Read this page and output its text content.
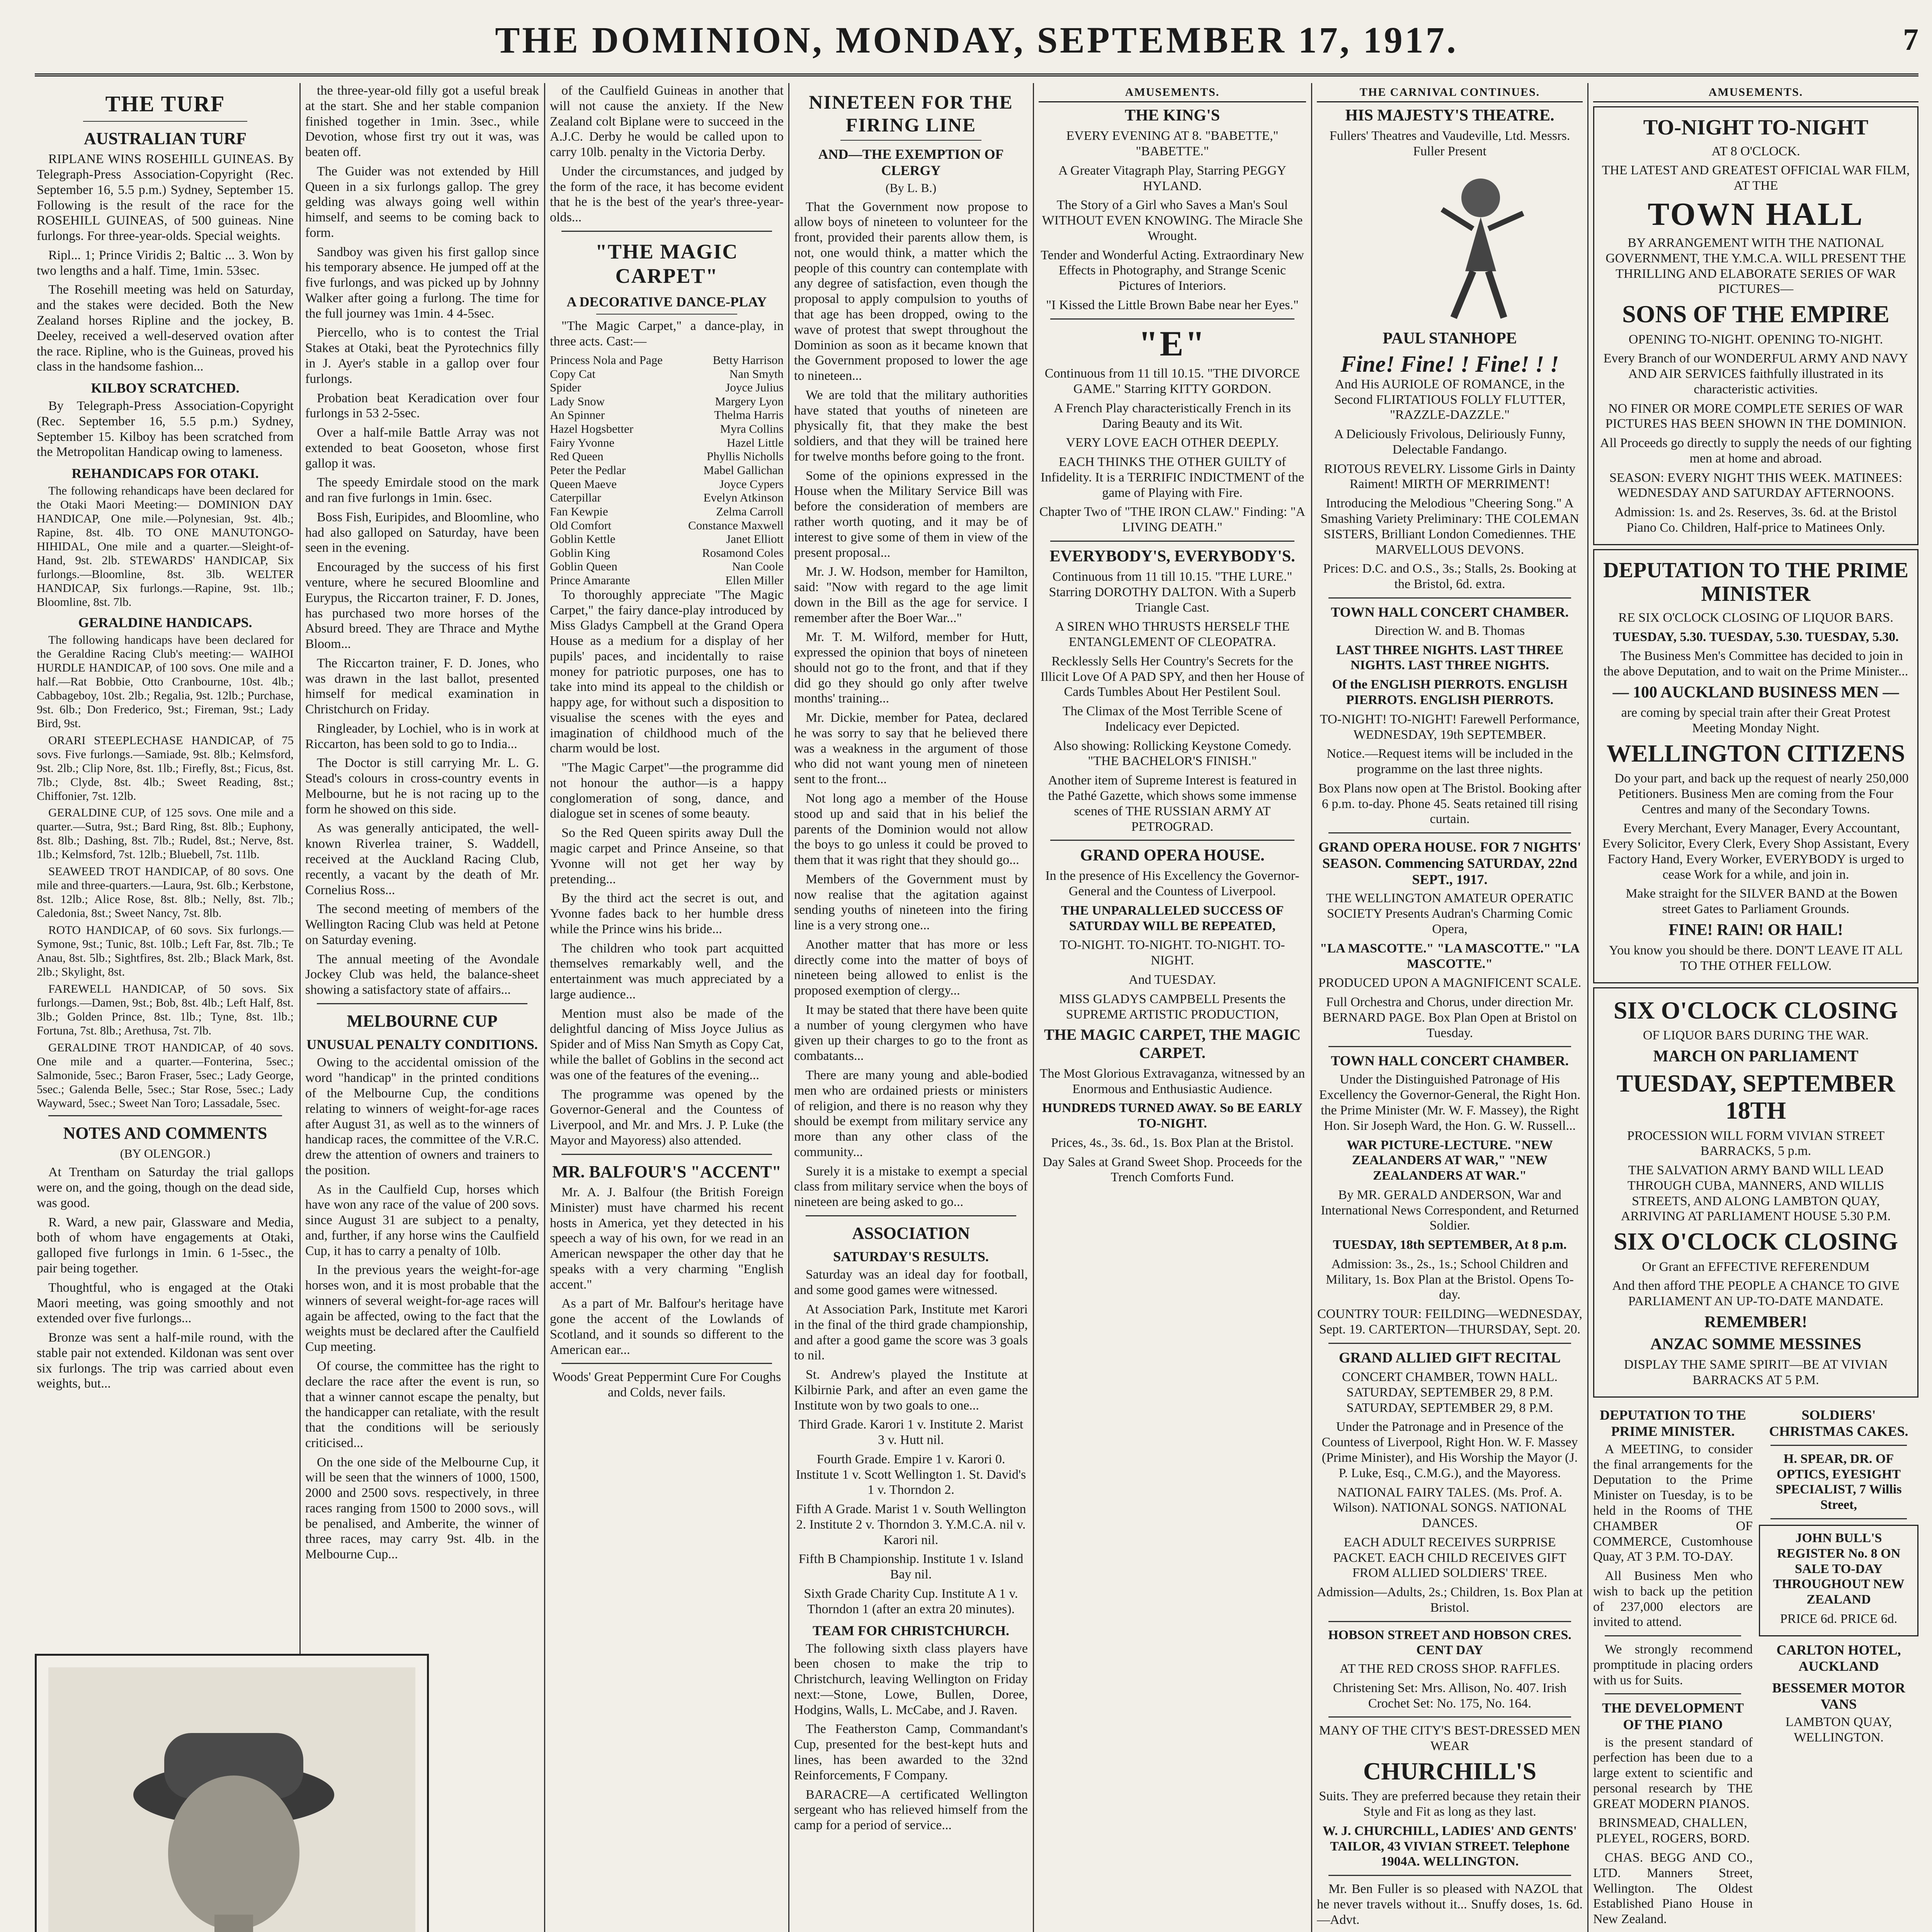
THE DOMINION, MONDAY, SEPTEMBER 17, 1917.	7
THE TURF
AUSTRALIAN TURF

RIPLANE WINS ROSEHILL GUINEAS. By Telegraph-Press Association-Copyright (Rec. September 16, 5.5 p.m.) Sydney, September 15. Following is the result of the race for the ROSEHILL GUINEAS, of 500 guineas. Nine furlongs. For three-year-olds. Special weights.

Ripl... 1; Prince Viridis 2; Baltic ... 3. Won by two lengths and a half. Time, 1min. 53sec.

The Rosehill meeting was held on Saturday, and the stakes were decided. Both the New Zealand horses Ripline and the jockey, B. Deeley, received a well-deserved ovation after the race. Ripline, who is the Guineas, proved his class in the handsome fashion...

KILBOY SCRATCHED.

By Telegraph-Press Association-Copyright (Rec. September 16, 5.5 p.m.) Sydney, September 15. Kilboy has been scratched from the Metropolitan Handicap owing to lameness.

REHANDICAPS FOR OTAKI.

The following rehandicaps have been declared for the Otaki Maori Meeting:— DOMINION DAY HANDICAP, One mile.—Polynesian, 9st. 4lb.; Rapine, 8st. 4lb. TO ONE MANUTONGO-HIHIDAL, One mile and a quarter.—Sleight-of-Hand, 9st. 2lb. STEWARDS' HANDICAP, Six furlongs.—Bloomline, 8st. 3lb. WELTER HANDICAP, Six furlongs.—Rapine, 9st. 1lb.; Bloomline, 8st. 7lb.

GERALDINE HANDICAPS.

The following handicaps have been declared for the Geraldine Racing Club's meeting:— WAIHOI HURDLE HANDICAP, of 100 sovs. One mile and a half.—Rat Bobbie, Otto Cranbourne, 10st. 4lb.; Cabbageboy, 10st. 2lb.; Regalia, 9st. 12lb.; Purchase, 9st. 6lb.; Don Frederico, 9st.; Fireman, 9st.; Lady Bird, 9st.

ORARI STEEPLECHASE HANDICAP, of 75 sovs. Five furlongs.—Samiade, 9st. 8lb.; Kelmsford, 9st. 2lb.; Clip Nore, 8st. 1lb.; Firefly, 8st.; Ficus, 8st. 7lb.; Clyde, 8st. 4lb.; Sweet Reading, 8st.; Chiffonier, 7st. 12lb.

GERALDINE CUP, of 125 sovs. One mile and a quarter.—Sutra, 9st.; Bard Ring, 8st. 8lb.; Euphony, 8st. 8lb.; Dashing, 8st. 7lb.; Rudel, 8st.; Nerve, 8st. 1lb.; Kelmsford, 7st. 12lb.; Bluebell, 7st. 11lb.

SEAWEED TROT HANDICAP, of 80 sovs. One mile and three-quarters.—Laura, 9st. 6lb.; Kerbstone, 8st. 12lb.; Alice Rose, 8st. 8lb.; Nelly, 8st. 7lb.; Caledonia, 8st.; Sweet Nancy, 7st. 8lb.

ROTO HANDICAP, of 60 sovs. Six furlongs.—Symone, 9st.; Tunic, 8st. 10lb.; Left Far, 8st. 7lb.; Te Anau, 8st. 5lb.; Sightfires, 8st. 2lb.; Black Mark, 8st. 2lb.; Skylight, 8st.

FAREWELL HANDICAP, of 50 sovs. Six furlongs.—Damen, 9st.; Bob, 8st. 4lb.; Left Half, 8st. 3lb.; Golden Prince, 8st. 1lb.; Tyne, 8st. 1lb.; Fortuna, 7st. 8lb.; Arethusa, 7st. 7lb.

GERALDINE TROT HANDICAP, of 40 sovs. One mile and a quarter.—Fonterina, 5sec.; Salmonide, 5sec.; Baron Fraser, 5sec.; Lady George, 5sec.; Galenda Belle, 5sec.; Star Rose, 5sec.; Lady Wayward, 5sec.; Sweet Nan Toro; Lassadale, 5sec.

NOTES AND COMMENTS
(BY OLENGOR.)

At Trentham on Saturday the trial gallops were on, and the going, though on the dead side, was good.

R. Ward, a new pair, Glassware and Media, both of whom have engagements at Otaki, galloped five furlongs in 1min. 6 1-5sec., the pair being together.

Thoughtful, who is engaged at the Otaki Maori meeting, was going smoothly and not extended over five furlongs...

Bronze was sent a half-mile round, with the stable pair not extended. Kildonan was sent over six furlongs. The trip was carried about even weights, but...

the three-year-old filly got a useful break at the start. She and her stable companion finished together in 1min. 3sec., while Devotion, whose first try out it was, was beaten off.

The Guider was not extended by Hill Queen in a six furlongs gallop. The grey gelding was always going well within himself, and seems to be coming back to form.

Sandboy was given his first gallop since his temporary absence. He jumped off at the five furlongs, and was picked up by Johnny Walker after going a furlong. The time for the full journey was 1min. 4 4-5sec.

Piercello, who is to contest the Trial Stakes at Otaki, beat the Pyrotechnics filly in J. Ayer's stable in a gallop over four furlongs.

Probation beat Keradication over four furlongs in 53 2-5sec.

Over a half-mile Battle Array was not extended to beat Gooseton, whose first gallop it was.

The speedy Emirdale stood on the mark and ran five furlongs in 1min. 6sec.

Boss Fish, Euripides, and Bloomline, who had also galloped on Saturday, have been seen in the evening.

Encouraged by the success of his first venture, where he secured Bloomline and Eurypus, the Riccarton trainer, F. D. Jones, has purchased two more horses of the Absurd breed. They are Thrace and Mythe Bloom...

The Riccarton trainer, F. D. Jones, who was drawn in the last ballot, presented himself for medical examination in Christchurch on Friday.

Ringleader, by Lochiel, who is in work at Riccarton, has been sold to go to India...

The Doctor is still carrying Mr. L. G. Stead's colours in cross-country events in Melbourne, but he is not racing up to the form he showed on this side.

As was generally anticipated, the well-known Riverlea trainer, S. Waddell, received at the Auckland Racing Club, recently, a vacant by the death of Mr. Cornelius Ross...

The second meeting of members of the Wellington Racing Club was held at Petone on Saturday evening.

The annual meeting of the Avondale Jockey Club was held, the balance-sheet showing a satisfactory state of affairs...

MELBOURNE CUP
UNUSUAL PENALTY CONDITIONS.

Owing to the accidental omission of the word "handicap" in the printed conditions of the Melbourne Cup, the conditions relating to winners of weight-for-age races after August 31, as well as to the winners of handicap races, the committee of the V.R.C. drew the attention of owners and trainers to the position.

As in the Caulfield Cup, horses which have won any race of the value of 200 sovs. since August 31 are subject to a penalty, and, further, if any horse wins the Caulfield Cup, it has to carry a penalty of 10lb.

In the previous years the weight-for-age horses won, and it is most probable that the winners of several weight-for-age races will again be affected, owing to the fact that the weights must be declared after the Caulfield Cup meeting.

Of course, the committee has the right to declare the race after the event is run, so that a winner cannot escape the penalty, but the handicapper can retaliate, with the result that the conditions will be seriously criticised...

On the one side of the Melbourne Cup, it will be seen that the winners of 1000, 1500, 2000 and 2500 sovs. respectively, in three races ranging from 1500 to 2000 sovs., will be penalised, and Amberite, the winner of three races, may carry 9st. 4lb. in the Melbourne Cup...

of the Caulfield Guineas in another that will not cause the anxiety. If the New Zealand colt Biplane were to succeed in the A.J.C. Derby he would be called upon to carry 10lb. penalty in the Victoria Derby.

Under the circumstances, and judged by the form of the race, it has become evident that he is the best of the year's three-year-olds...

"THE MAGIC CARPET"
A DECORATIVE DANCE-PLAY

"The Magic Carpet," a dance-play, in three acts. Cast:—

Princess Nola and Page	Betty Harrison
Copy Cat	Nan Smyth
Spider	Joyce Julius
Lady Snow	Margery Lyon
An Spinner	Thelma Harris
Hazel Hogsbetter	Myra Collins
Fairy Yvonne	Hazel Little
Red Queen	Phyllis Nicholls
Peter the Pedlar	Mabel Gallichan
Queen Maeve	Joyce Cypers
Caterpillar	Evelyn Atkinson
Fan Kewpie	Zelma Carroll
Old Comfort	Constance Maxwell
Goblin Kettle	Janet Elliott
Goblin King	Rosamond Coles
Goblin Queen	Nan Coole
Prince Amarante	Ellen Miller

To thoroughly appreciate "The Magic Carpet," the fairy dance-play introduced by Miss Gladys Campbell at the Grand Opera House as a medium for a display of her pupils' paces, and incidentally to raise money for patriotic purposes, one has to take into mind its appeal to the childish or happy age, for without such a disposition to visualise the scenes with the eyes and imagination of childhood much of the charm would be lost.

"The Magic Carpet"—the programme did not honour the author—is a happy conglomeration of song, dance, and dialogue set in scenes of some beauty.

So the Red Queen spirits away Dull the magic carpet and Prince Anseine, so that Yvonne will not get her way by pretending...

By the third act the secret is out, and Yvonne fades back to her humble dress while the Prince wins his bride...

The children who took part acquitted themselves remarkably well, and the entertainment was much appreciated by a large audience...

Mention must also be made of the delightful dancing of Miss Joyce Julius as Spider and of Miss Nan Smyth as Copy Cat, while the ballet of Goblins in the second act was one of the features of the evening...

The programme was opened by the Governor-General and the Countess of Liverpool, and Mr. and Mrs. J. P. Luke (the Mayor and Mayoress) also attended.

MR. BALFOUR'S "ACCENT"

Mr. A. J. Balfour (the British Foreign Minister) must have charmed his recent hosts in America, yet they detected in his speech a way of his own, for we read in an American newspaper the other day that he speaks with a very charming "English accent."

As a part of Mr. Balfour's heritage have gone the accent of the Lowlands of Scotland, and it sounds so different to the American ear...

Woods' Great Peppermint Cure For Coughs and Colds, never fails.

NINETEEN FOR THE FIRING LINE
AND—THE EXEMPTION OF CLERGY
(By L. B.)

That the Government now propose to allow boys of nineteen to volunteer for the front, provided their parents allow them, is not, one would think, a matter which the people of this country can contemplate with any degree of satisfaction, even though the proposal to apply compulsion to youths of that age has been dropped, owing to the wave of protest that swept throughout the Dominion as soon as it became known that the Government proposed to lower the age to nineteen...

We are told that the military authorities have stated that youths of nineteen are physically fit, that they make the best soldiers, and that they will be trained here for twelve months before going to the front.

Some of the opinions expressed in the House when the Military Service Bill was before the consideration of members are rather worth quoting, and it may be of interest to give some of them in view of the present proposal...

Mr. J. W. Hodson, member for Hamilton, said: "Now with regard to the age limit down in the Bill as the age for service. I remember after the Boer War..."

Mr. T. M. Wilford, member for Hutt, expressed the opinion that boys of nineteen should not go to the front, and that if they did go they should go only after twelve months' training...

Mr. Dickie, member for Patea, declared he was sorry to say that he believed there was a weakness in the argument of those who did not want young men of nineteen sent to the front...

Not long ago a member of the House stood up and said that in his belief the parents of the Dominion would not allow the boys to go unless it could be proved to them that it was right that they should go...

Members of the Government must by now realise that the agitation against sending youths of nineteen into the firing line is a very strong one...

Another matter that has more or less directly come into the matter of boys of nineteen being allowed to enlist is the proposed exemption of clergy...

It may be stated that there have been quite a number of young clergymen who have given up their charges to go to the front as combatants...

There are many young and able-bodied men who are ordained priests or ministers of religion, and there is no reason why they should be exempt from military service any more than any other class of the community...

Surely it is a mistake to exempt a special class from military service when the boys of nineteen are being asked to go...

ASSOCIATION
SATURDAY'S RESULTS.

Saturday was an ideal day for football, and some good games were witnessed.

At Association Park, Institute met Karori in the final of the third grade championship, and after a good game the score was 3 goals to nil.

St. Andrew's played the Institute at Kilbirnie Park, and after an even game the Institute won by two goals to one...

Third Grade. Karori 1 v. Institute 2. Marist 3 v. Hutt nil.

Fourth Grade. Empire 1 v. Karori 0. Institute 1 v. Scott Wellington 1. St. David's 1 v. Thorndon 2.

Fifth A Grade. Marist 1 v. South Wellington 2. Institute 2 v. Thorndon 3. Y.M.C.A. nil v. Karori nil.

Fifth B Championship. Institute 1 v. Island Bay nil.

Sixth Grade Charity Cup. Institute A 1 v. Thorndon 1 (after an extra 20 minutes).

TEAM FOR CHRISTCHURCH.

The following sixth class players have been chosen to make the trip to Christchurch, leaving Wellington on Friday next:—Stone, Lowe, Bullen, Doree, Hodgins, Walls, L. McCabe, and J. Raven.

The Featherston Camp, Commandant's Cup, presented for the best-kept huts and lines, has been awarded to the 32nd Reinforcements, F Company.

BARACRE—A certificated Wellington sergeant who has relieved himself from the camp for a period of service...

AMUSEMENTS.
THE KING'S

EVERY EVENING AT 8. "BABETTE," "BABETTE."

A Greater Vitagraph Play, Starring PEGGY HYLAND.

The Story of a Girl who Saves a Man's Soul WITHOUT EVEN KNOWING. The Miracle She Wrought.

Tender and Wonderful Acting. Extraordinary New Effects in Photography, and Strange Scenic Pictures of Interiors.

"I Kissed the Little Brown Babe near her Eyes."

"E"

Continuous from 11 till 10.15. "THE DIVORCE GAME." Starring KITTY GORDON.

A French Play characteristically French in its Daring Beauty and its Wit.

VERY LOVE EACH OTHER DEEPLY.

EACH THINKS THE OTHER GUILTY of Infidelity. It is a TERRIFIC INDICTMENT of the game of Playing with Fire.

Chapter Two of "THE IRON CLAW." Finding: "A LIVING DEATH."

EVERYBODY'S, EVERYBODY'S.

Continuous from 11 till 10.15. "THE LURE." Starring DOROTHY DALTON. With a Superb Triangle Cast.

A SIREN WHO THRUSTS HERSELF THE ENTANGLEMENT OF CLEOPATRA.

Recklessly Sells Her Country's Secrets for the Illicit Love Of A PAD SPY, and then her House of Cards Tumbles About Her Pestilent Soul.

The Climax of the Most Terrible Scene of Indelicacy ever Depicted.

Also showing: Rollicking Keystone Comedy. "THE BACHELOR'S FINISH."

Another item of Supreme Interest is featured in the Pathé Gazette, which shows some immense scenes of THE RUSSIAN ARMY AT PETROGRAD.

GRAND OPERA HOUSE.

In the presence of His Excellency the Governor-General and the Countess of Liverpool.

THE UNPARALLELED SUCCESS OF SATURDAY WILL BE REPEATED,

TO-NIGHT. TO-NIGHT. TO-NIGHT. TO-NIGHT.

And TUESDAY.

MISS GLADYS CAMPBELL Presents the SUPREME ARTISTIC PRODUCTION,

THE MAGIC CARPET, THE MAGIC CARPET.

The Most Glorious Extravaganza, witnessed by an Enormous and Enthusiastic Audience.

HUNDREDS TURNED AWAY. So BE EARLY TO-NIGHT.

Prices, 4s., 3s. 6d., 1s. Box Plan at the Bristol.

Day Sales at Grand Sweet Shop. Proceeds for the Trench Comforts Fund.

THE CARNIVAL CONTINUES.
HIS MAJESTY'S THEATRE.

Fullers' Theatres and Vaudeville, Ltd. Messrs. Fuller Present

PAUL STANHOPE
Fine! Fine! ! Fine! ! !

And His AURIOLE OF ROMANCE, in the Second FLIRTATIOUS FOLLY FLUTTER, "RAZZLE-DAZZLE."

A Deliciously Frivolous, Deliriously Funny, Delectable Fandango.

RIOTOUS REVELRY. Lissome Girls in Dainty Raiment! MIRTH OF MERRIMENT!

Introducing the Melodious "Cheering Song." A Smashing Variety Preliminary: THE COLEMAN SISTERS, Brilliant London Comediennes. THE MARVELLOUS DEVONS.

Prices: D.C. and O.S., 3s.; Stalls, 2s. Booking at the Bristol, 6d. extra.

TOWN HALL CONCERT CHAMBER.

Direction W. and B. Thomas

LAST THREE NIGHTS. LAST THREE NIGHTS. LAST THREE NIGHTS.

Of the ENGLISH PIERROTS. ENGLISH PIERROTS. ENGLISH PIERROTS.

TO-NIGHT! TO-NIGHT! Farewell Performance, WEDNESDAY, 19th SEPTEMBER.

Notice.—Request items will be included in the programme on the last three nights.

Box Plans now open at The Bristol. Booking after 6 p.m. to-day. Phone 45. Seats retained till rising curtain.

GRAND OPERA HOUSE. FOR 7 NIGHTS' SEASON. Commencing SATURDAY, 22nd SEPT., 1917.

THE WELLINGTON AMATEUR OPERATIC SOCIETY Presents Audran's Charming Comic Opera,

"LA MASCOTTE." "LA MASCOTTE." "LA MASCOTTE."

PRODUCED UPON A MAGNIFICENT SCALE.

Full Orchestra and Chorus, under direction Mr. BERNARD PAGE. Box Plan Open at Bristol on Tuesday.

TOWN HALL CONCERT CHAMBER.

Under the Distinguished Patronage of His Excellency the Governor-General, the Right Hon. the Prime Minister (Mr. W. F. Massey), the Right Hon. Sir Joseph Ward, the Hon. G. W. Russell...

WAR PICTURE-LECTURE. "NEW ZEALANDERS AT WAR," "NEW ZEALANDERS AT WAR."

By MR. GERALD ANDERSON, War and International News Correspondent, and Returned Soldier.

TUESDAY, 18th SEPTEMBER, At 8 p.m.

Admission: 3s., 2s., 1s.; School Children and Military, 1s. Box Plan at the Bristol. Opens To-day.

COUNTRY TOUR: FEILDING—WEDNESDAY, Sept. 19. CARTERTON—THURSDAY, Sept. 20.

GRAND ALLIED GIFT RECITAL

CONCERT CHAMBER, TOWN HALL. SATURDAY, SEPTEMBER 29, 8 P.M. SATURDAY, SEPTEMBER 29, 8 P.M.

Under the Patronage and in Presence of the Countess of Liverpool, Right Hon. W. F. Massey (Prime Minister), and His Worship the Mayor (J. P. Luke, Esq., C.M.G.), and the Mayoress.

NATIONAL FAIRY TALES. (Ms. Prof. A. Wilson). NATIONAL SONGS. NATIONAL DANCES.

EACH ADULT RECEIVES SURPRISE PACKET. EACH CHILD RECEIVES GIFT FROM ALLIED SOLDIERS' TREE.

Admission—Adults, 2s.; Children, 1s. Box Plan at Bristol.

HOBSON STREET AND HOBSON CRES. CENT DAY

AT THE RED CROSS SHOP. RAFFLES.

Christening Set: Mrs. Allison, No. 407. Irish Crochet Set: No. 175, No. 164.

MANY OF THE CITY'S BEST-DRESSED MEN WEAR

CHURCHILL'S

Suits. They are preferred because they retain their Style and Fit as long as they last.

W. J. CHURCHILL, LADIES' AND GENTS' TAILOR, 43 VIVIAN STREET. Telephone 1904A. WELLINGTON.

Mr. Ben Fuller is so pleased with NAZOL that he never travels without it... Snuffy doses, 1s. 6d.—Advt.

AMUSEMENTS.
TO-NIGHT TO-NIGHT

AT 8 O'CLOCK.

THE LATEST AND GREATEST OFFICIAL WAR FILM, AT THE

TOWN HALL

BY ARRANGEMENT WITH THE NATIONAL GOVERNMENT, THE Y.M.C.A. WILL PRESENT THE THRILLING AND ELABORATE SERIES OF WAR PICTURES—

SONS OF THE EMPIRE

OPENING TO-NIGHT. OPENING TO-NIGHT.

Every Branch of our WONDERFUL ARMY AND NAVY AND AIR SERVICES faithfully illustrated in its characteristic activities.

NO FINER OR MORE COMPLETE SERIES OF WAR PICTURES HAS BEEN SHOWN IN THE DOMINION.

All Proceeds go directly to supply the needs of our fighting men at home and abroad.

SEASON: EVERY NIGHT THIS WEEK. MATINEES: WEDNESDAY AND SATURDAY AFTERNOONS.

Admission: 1s. and 2s. Reserves, 3s. 6d. at the Bristol Piano Co. Children, Half-price to Matinees Only.

DEPUTATION TO THE PRIME MINISTER

RE SIX O'CLOCK CLOSING OF LIQUOR BARS.

TUESDAY, 5.30. TUESDAY, 5.30. TUESDAY, 5.30.

The Business Men's Committee has decided to join in the above Deputation, and to wait on the Prime Minister...

— 100 AUCKLAND BUSINESS MEN —

are coming by special train after their Great Protest Meeting Monday Night.

WELLINGTON CITIZENS

Do your part, and back up the request of nearly 250,000 Petitioners. Business Men are coming from the Four Centres and many of the Secondary Towns.

Every Merchant, Every Manager, Every Accountant, Every Solicitor, Every Clerk, Every Shop Assistant, Every Factory Hand, Every Worker, EVERYBODY is urged to cease Work for a while, and join in.

Make straight for the SILVER BAND at the Bowen street Gates to Parliament Grounds.

FINE! RAIN! OR HAIL!

You know you should be there. DON'T LEAVE IT ALL TO THE OTHER FELLOW.

SIX O'CLOCK CLOSING

OF LIQUOR BARS DURING THE WAR.

MARCH ON PARLIAMENT
TUESDAY, SEPTEMBER 18TH

PROCESSION WILL FORM VIVIAN STREET BARRACKS, 5 p.m.

THE SALVATION ARMY BAND WILL LEAD THROUGH CUBA, MANNERS, AND WILLIS STREETS, AND ALONG LAMBTON QUAY, ARRIVING AT PARLIAMENT HOUSE 5.30 P.M.

SIX O'CLOCK CLOSING

Or Grant an EFFECTIVE REFERENDUM

And then afford THE PEOPLE A CHANCE TO GIVE PARLIAMENT AN UP-TO-DATE MANDATE.

REMEMBER!
ANZAC SOMME MESSINES

DISPLAY THE SAME SPIRIT—BE AT VIVIAN BARRACKS AT 5 P.M.

DEPUTATION TO THE PRIME MINISTER.

A MEETING, to consider the final arrangements for the Deputation to the Prime Minister on Tuesday, is to be held in the Rooms of THE CHAMBER OF COMMERCE, Customhouse Quay, AT 3 P.M. TO-DAY.

All Business Men who wish to back up the petition of 237,000 electors are invited to attend.

We strongly recommend promptitude in placing orders with us for Suits.

THE DEVELOPMENT OF THE PIANO

is the present standard of perfection has been due to a large extent to scientific and personal research by THE GREAT MODERN PIANOS.

BRINSMEAD, CHALLEN, PLEYEL, ROGERS, BORD.

CHAS. BEGG AND CO., LTD. Manners Street, Wellington. The Oldest Established Piano House in New Zealand.

SOLDIERS' CHRISTMAS CAKES.

H. SPEAR, DR. OF OPTICS, EYESIGHT SPECIALIST, 7 Willis Street,

JOHN BULL'S REGISTER No. 8 ON SALE TO-DAY THROUGHOUT NEW ZEALAND

PRICE 6d. PRICE 6d.

CARLTON HOTEL, AUCKLAND
BESSEMER MOTOR VANS

LAMBTON QUAY, WELLINGTON.
